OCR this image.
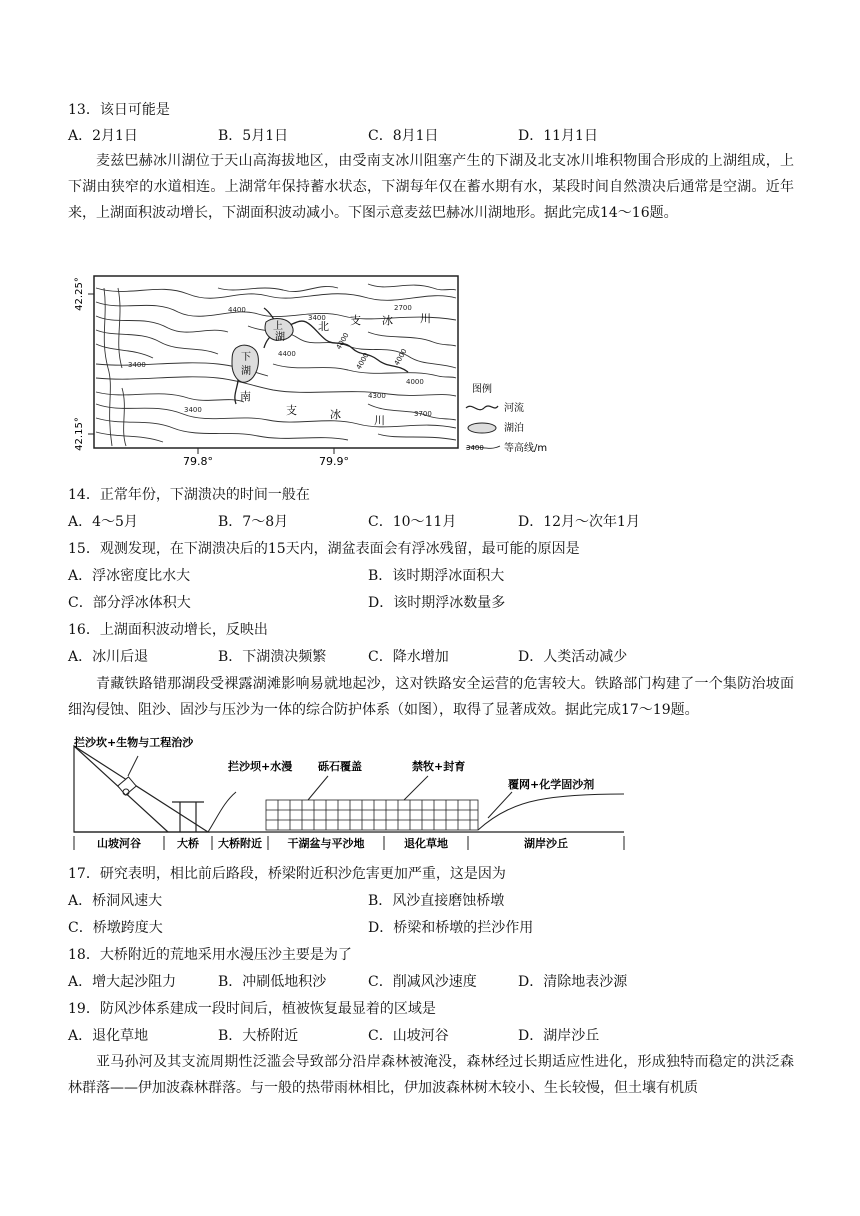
13．该日可能是
A．2月1日	B．5月1日	C．8月1日	D．11月1日
麦兹巴赫冰川湖位于天山高海拔地区，由受南支冰川阻塞产生的下湖及北支冰川堆积物围合形成的上湖组成，上下湖由狭窄的水道相连。上湖常年保持蓄水状态，下湖每年仅在蓄水期有水，某段时间自然溃决后通常是空湖。近年来，上湖面积波动增长，下湖面积波动减小。下图示意麦兹巴赫冰川湖地形。据此完成14～16题。
42.25°
42.15°
79.8°	79.9°
上
湖
下
湖
北 支 冰 川
南
支	冰	川
4400
3400
2700
4000
4400	4000
3400
4300
3400	3700
4000
4000
图例
河流
湖泊
3400 等高线/m
14．正常年份，下湖溃决的时间一般在
A．4～5月	B．7～8月	C．10～11月	D．12月～次年1月
15．观测发现，在下湖溃决后的15天内，湖盆表面会有浮冰残留，最可能的原因是
A．浮冰密度比水大	B．该时期浮冰面积大
C．部分浮冰体积大	D．该时期浮冰数量多
16．上湖面积波动增长，反映出
A．冰川后退	B．下湖溃决频繁	C．降水增加	D．人类活动减少
青藏铁路错那湖段受裸露湖滩影响易就地起沙，这对铁路安全运营的危害较大。铁路部门构建了一个集防治坡面细沟侵蚀、阻沙、固沙与压沙为一体的综合防护体系（如图），取得了显著成效。据此完成17～19题。
拦沙坎+生物与工程治沙
拦沙坝+水漫 砾石覆盖	禁牧+封育
覆网+化学固沙剂
山坡河谷	大桥 大桥附近 干湖盆与平沙地	退化草地	湖岸沙丘
17．研究表明，相比前后路段，桥梁附近积沙危害更加严重，这是因为
A．桥洞风速大	B．风沙直接磨蚀桥墩
C．桥墩跨度大	D．桥梁和桥墩的拦沙作用
18．大桥附近的荒地采用水漫压沙主要是为了
A．增大起沙阻力	B．冲刷低地积沙	C．削减风沙速度	D．清除地表沙源
19．防风沙体系建成一段时间后，植被恢复最显着的区域是
A．退化草地	B．大桥附近	C．山坡河谷	D．湖岸沙丘
亚马孙河及其支流周期性泛滥会导致部分沿岸森林被淹没，森林经过长期适应性进化，形成独特而稳定的洪泛森林群落——伊加波森林群落。与一般的热带雨林相比，伊加波森林树木较小、生长较慢，但土壤有机质
